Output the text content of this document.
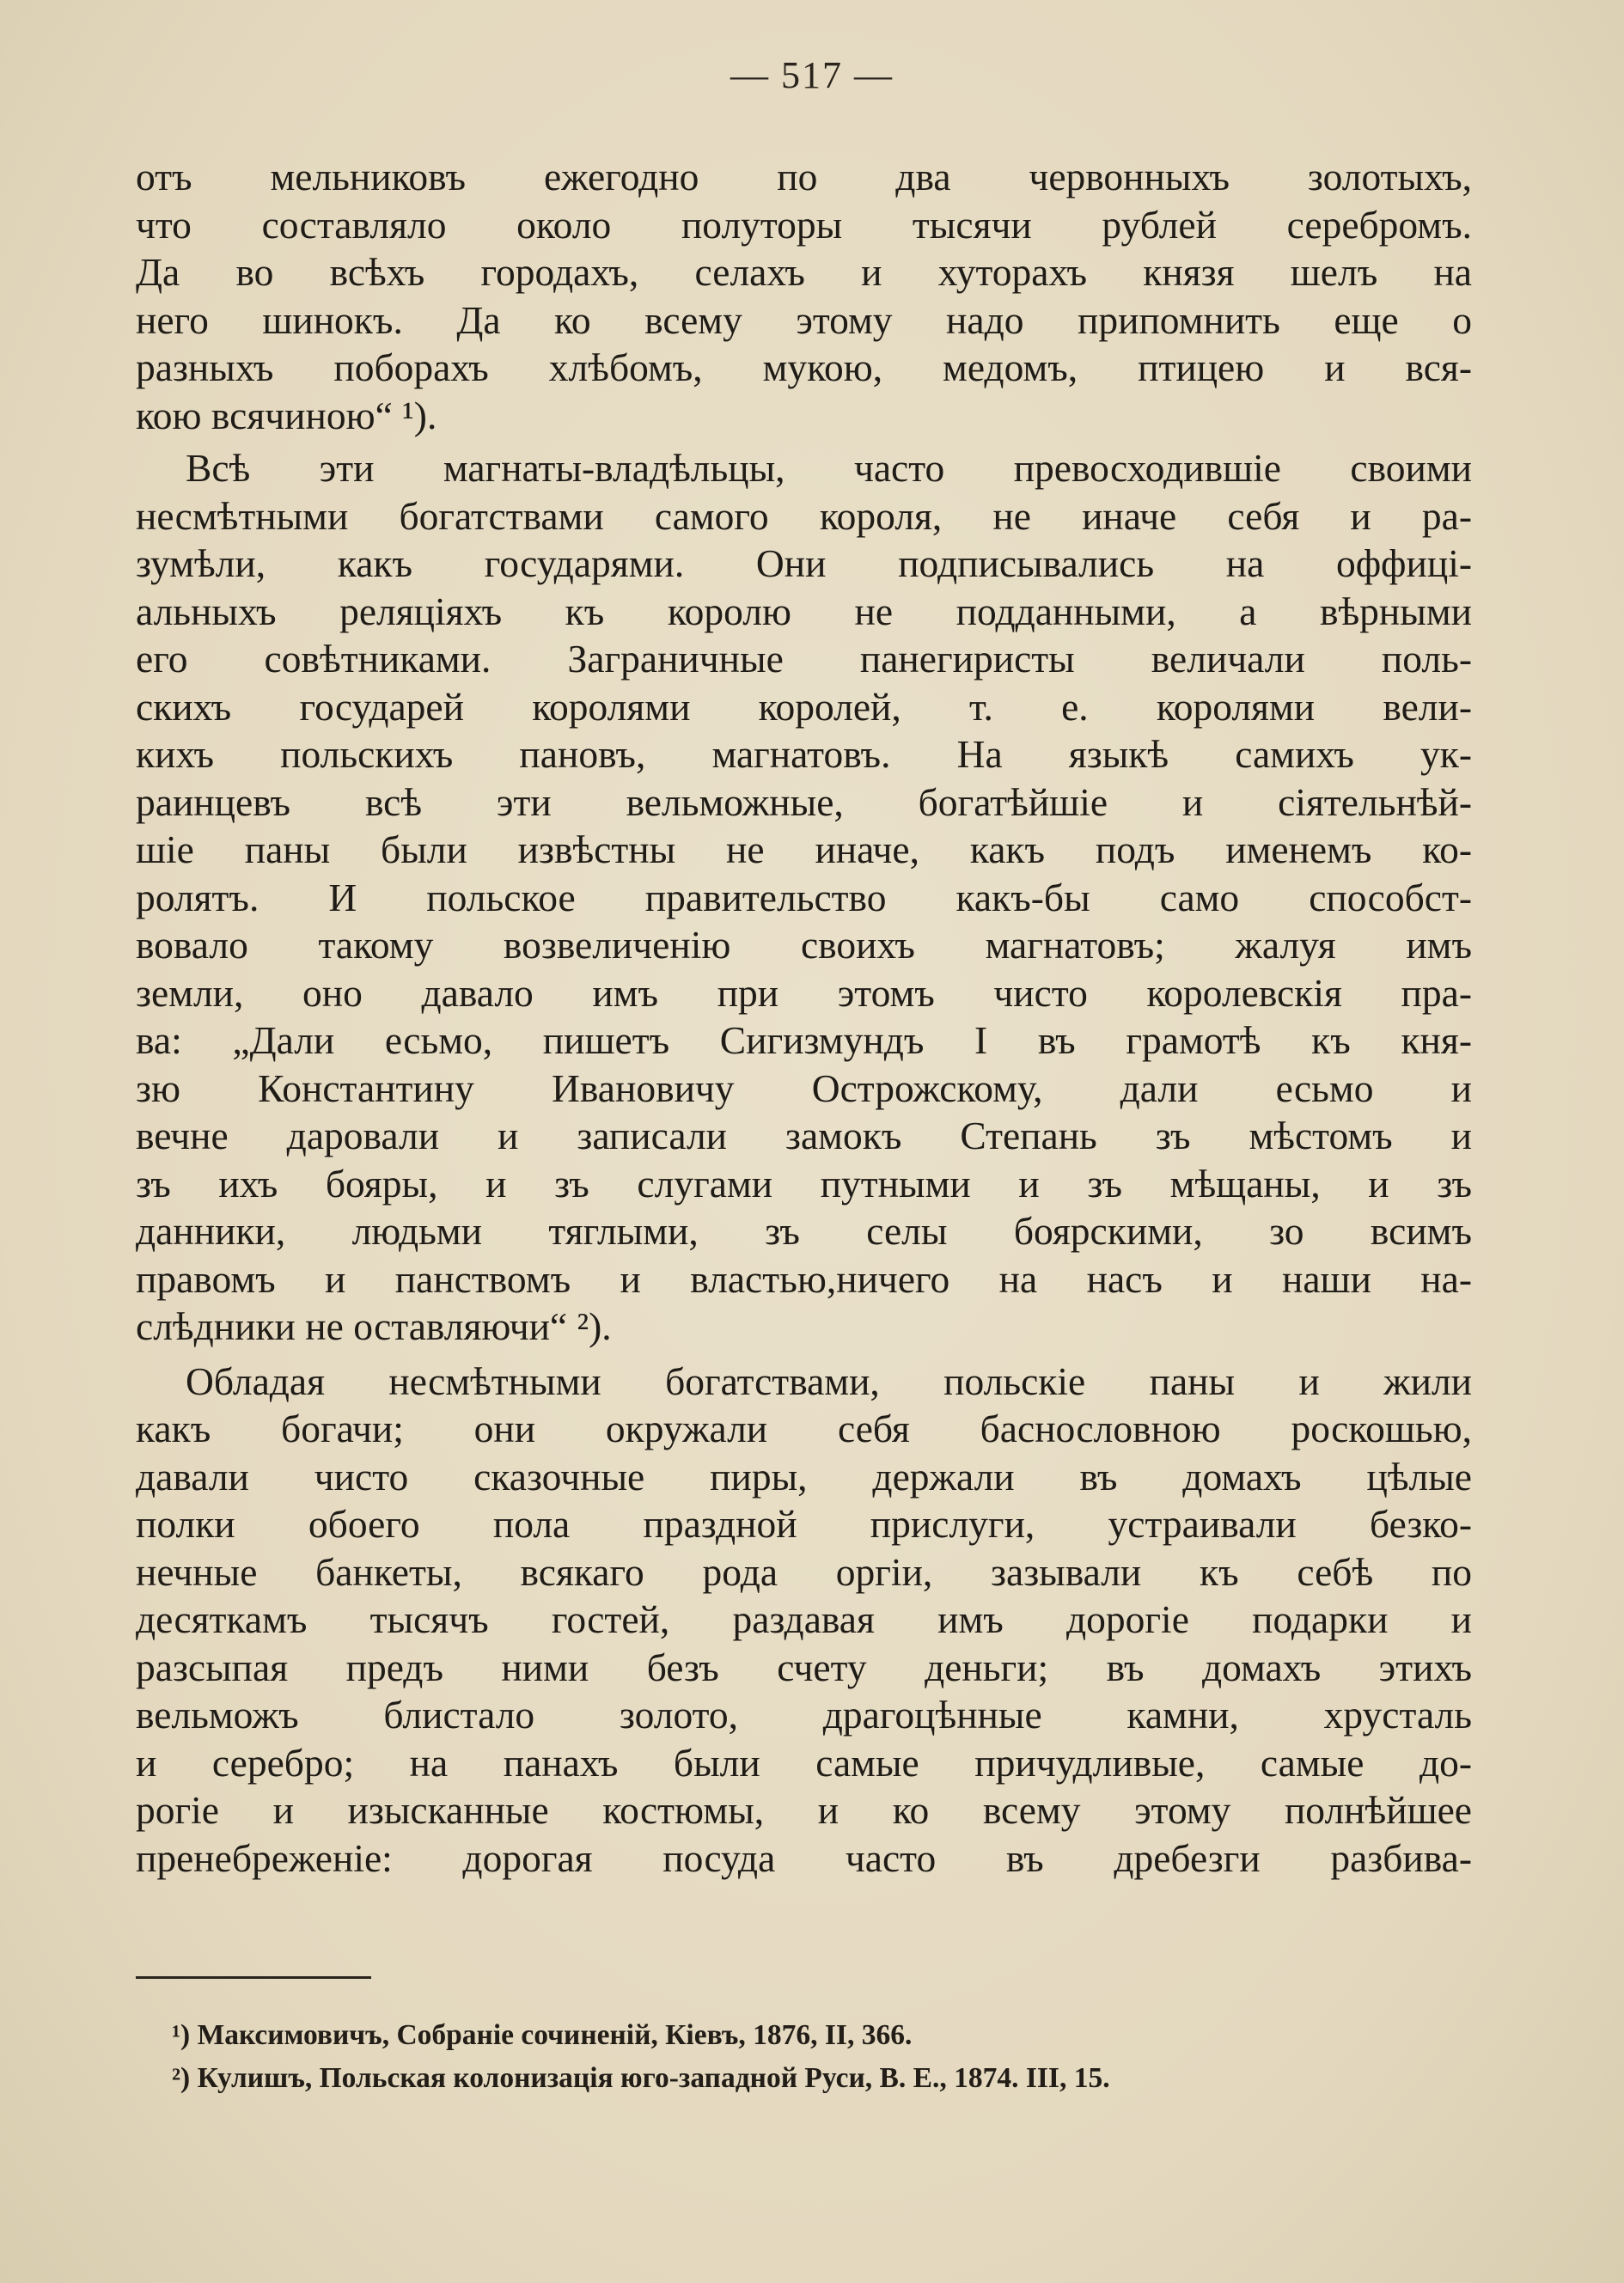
— 517 —
отъ мельниковъ ежегодно по два червонныхъ золотыхъ,
что составляло около полуторы тысячи рублей серебромъ.
Да во всѣхъ городахъ, селахъ и хуторахъ князя шелъ на
него шинокъ. Да ко всему этому надо припомнить еще о
разныхъ поборахъ хлѣбомъ, мукою, медомъ, птицею и вся-
кою всячиною“ ¹).
Всѣ эти магнаты-владѣльцы, часто превосходившіе своими
несмѣтными богатствами самого короля, не иначе себя и ра-
зумѣли, какъ государями. Они подписывались на оффиці-
альныхъ реляціяхъ къ королю не подданными, а вѣрными
его совѣтниками. Заграничные панегиристы величали поль-
скихъ государей королями королей, т. е. королями вели-
кихъ польскихъ пановъ, магнатовъ. На языкѣ самихъ ук-
раинцевъ всѣ эти вельможные, богатѣйшіе и сіятельнѣй-
шіе паны были извѣстны не иначе, какъ подъ именемъ ко-
ролятъ. И польское правительство какъ-бы само способст-
вовало такому возвеличенію своихъ магнатовъ; жалуя имъ
земли, оно давало имъ при этомъ чисто королевскія пра-
ва: „Дали есьмо, пишетъ Сигизмундъ I въ грамотѣ къ кня-
зю Константину Ивановичу Острожскому, дали есьмо и
вечне даровали и записали замокъ Степань зъ мѣстомъ и
зъ ихъ бояры, и зъ слугами путными и зъ мѣщаны, и зъ
данники, людьми тяглыми, зъ селы боярскими, зо всимъ
правомъ и панствомъ и властью,ничего на насъ и наши на-
слѣдники не оставляючи“ ²).
Обладая несмѣтными богатствами, польскіе паны и жили
какъ богачи; они окружали себя баснословною роскошью,
давали чисто сказочные пиры, держали въ домахъ цѣлые
полки обоего пола праздной прислуги, устраивали безко-
нечные банкеты, всякаго рода оргіи, зазывали къ себѣ по
десяткамъ тысячъ гостей, раздавая имъ дорогіе подарки и
разсыпая предъ ними безъ счету деньги; въ домахъ этихъ
вельможъ блистало золото, драгоцѣнные камни, хрусталь
и серебро; на панахъ были самые причудливые, самые до-
рогіе и изысканные костюмы, и ко всему этому полнѣйшее
пренебреженіе: дорогая посуда часто въ дребезги разбива-
¹) Максимовичъ, Собраніе сочиненій, Кіевъ, 1876, II, 366.
²) Кулишъ, Польская колонизація юго-западной Руси, В. Е., 1874. III, 15.
